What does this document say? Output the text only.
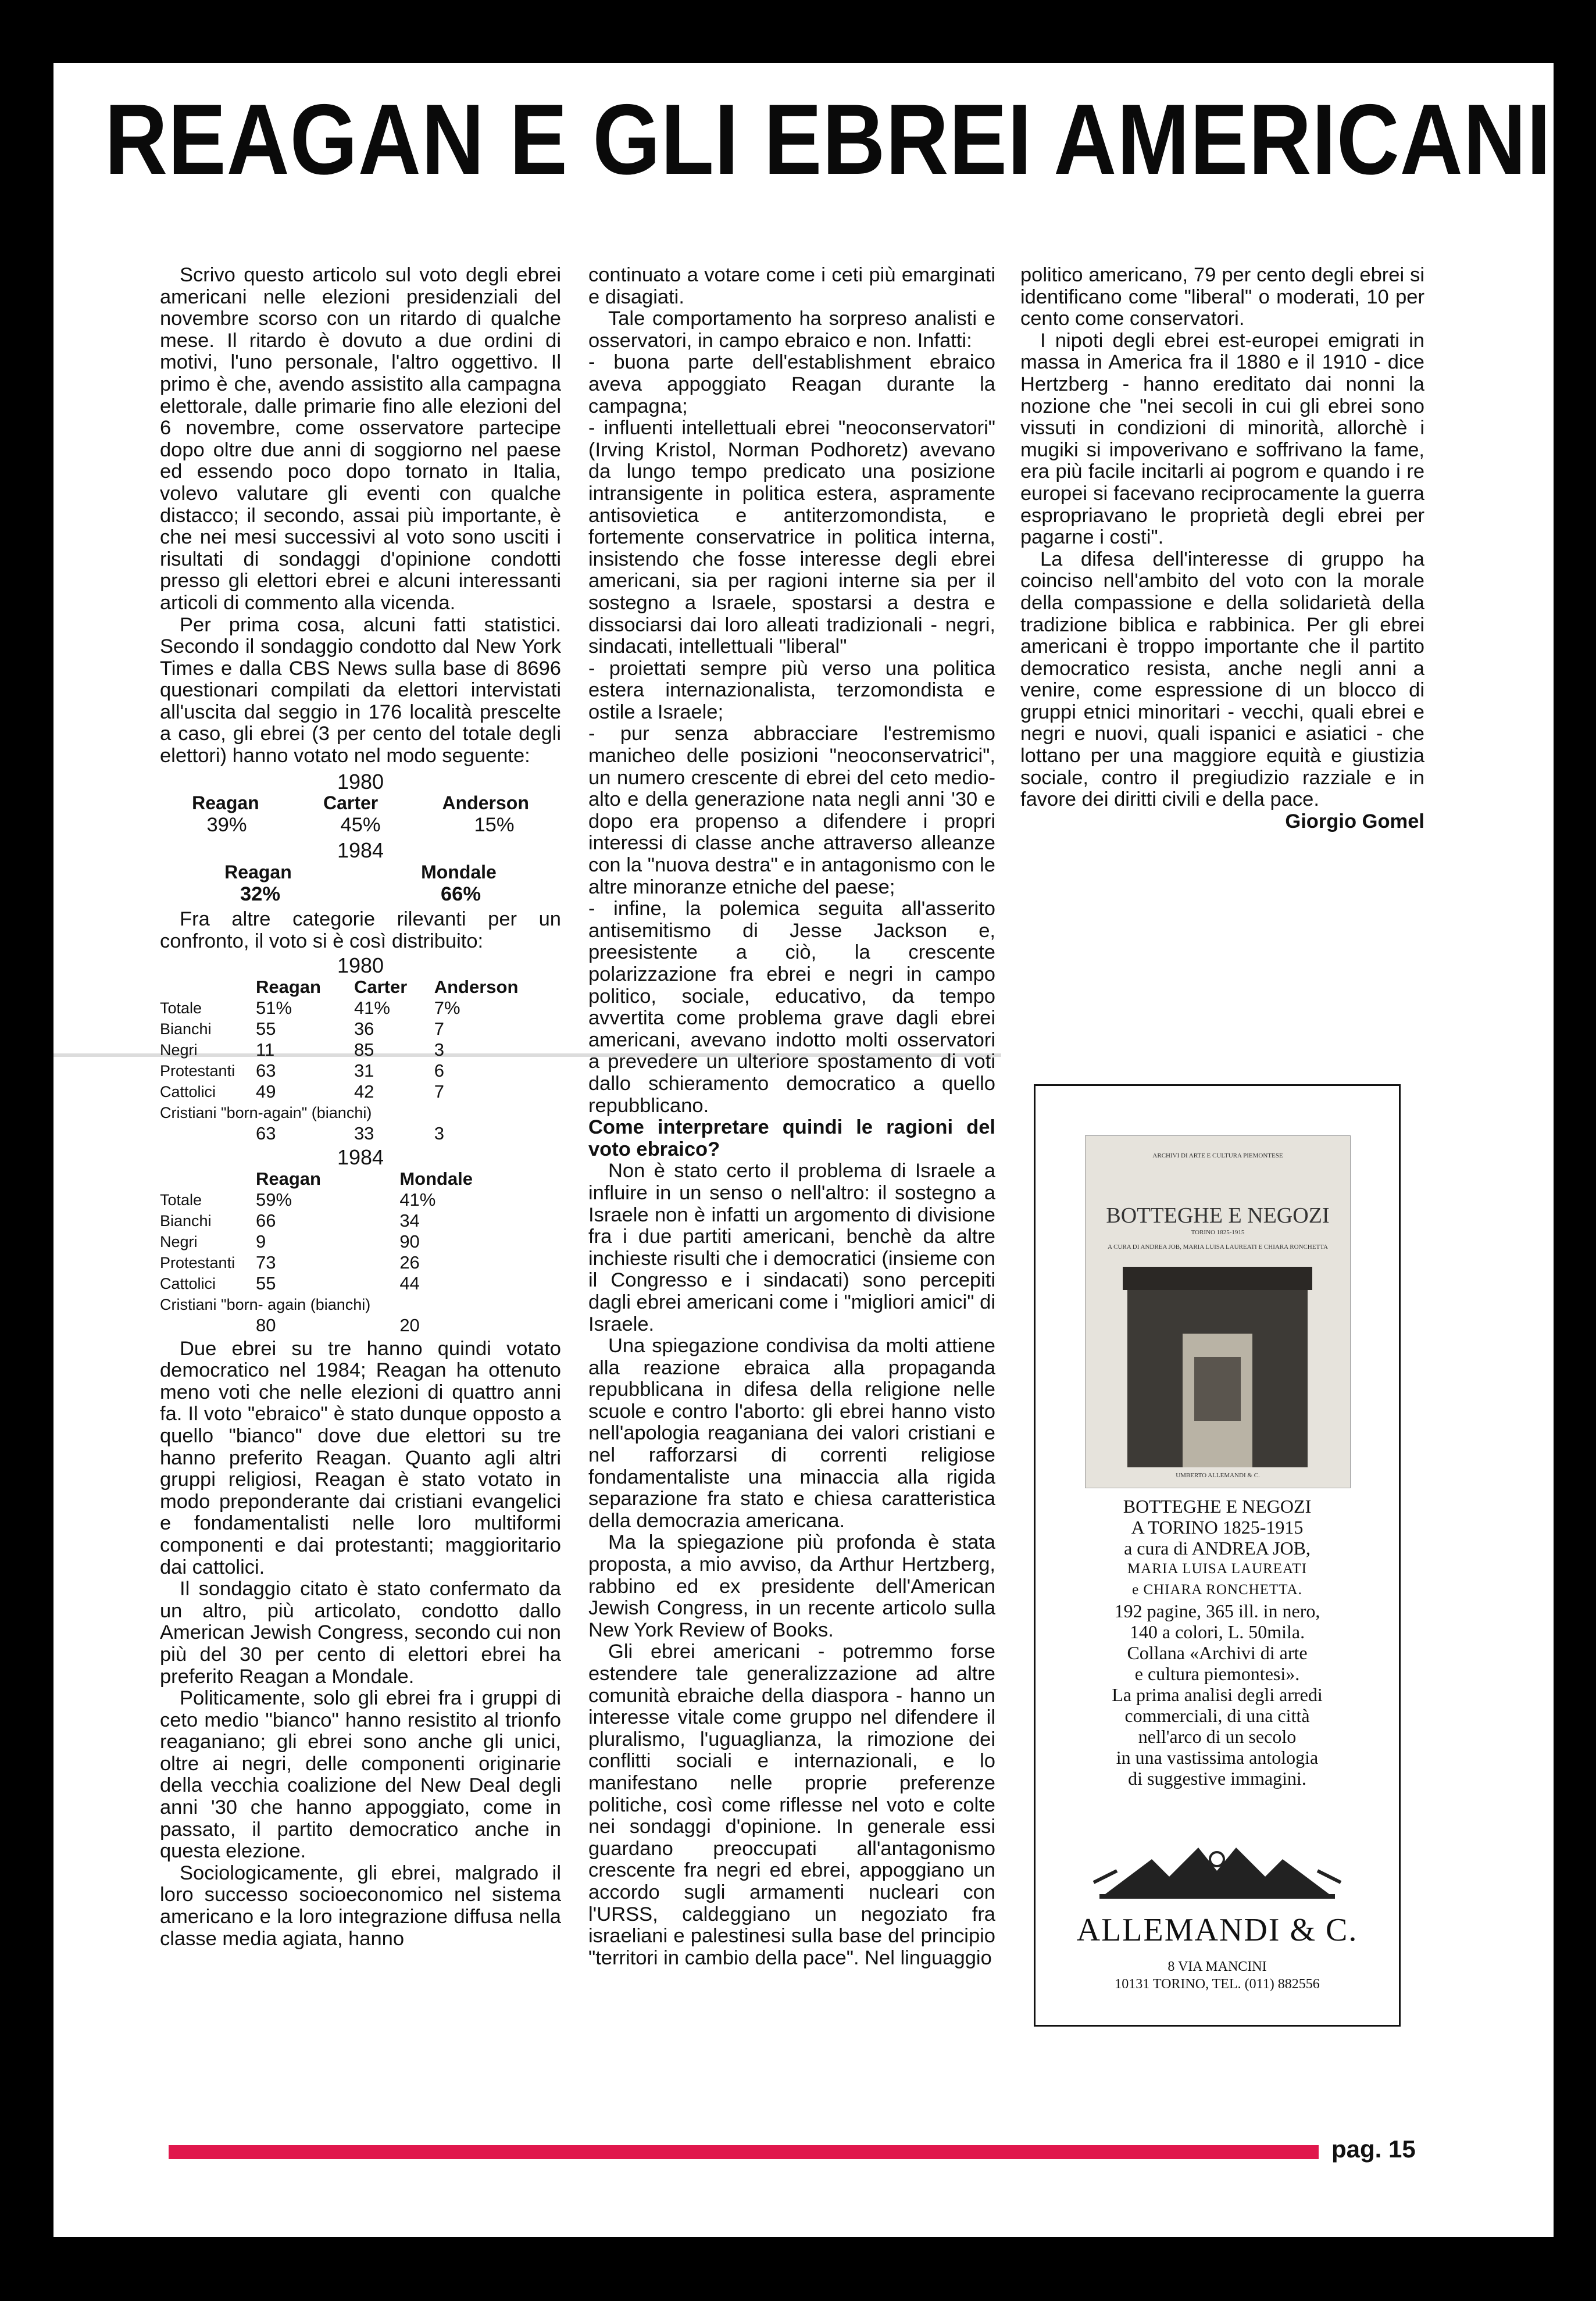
REAGAN E GLI EBREI AMERICANI

Scrivo questo articolo sul voto degli ebrei americani nelle elezioni presidenziali del novembre scorso con un ritardo di qualche mese. Il ritardo è dovuto a due ordini di motivi, l'uno personale, l'altro oggettivo. Il primo è che, avendo assistito alla campagna elettorale, dalle primarie fino alle elezioni del 6 novembre, come osservatore partecipe dopo oltre due anni di soggiorno nel paese ed essendo poco dopo tornato in Italia, volevo valutare gli eventi con qualche distacco; il secondo, assai più importante, è che nei mesi successivi al voto sono usciti i risultati di sondaggi d'opinione condotti presso gli elettori ebrei e alcuni interessanti articoli di commento alla vicenda.

Per prima cosa, alcuni fatti statistici. Secondo il sondaggio condotto dal New York Times e dalla CBS News sulla base di 8696 questionari compilati da elettori intervistati all'uscita dal seggio in 176 località prescelte a caso, gli ebrei (3 per cento del totale degli elettori) hanno votato nel modo seguente:

1980
Reagan	Carter	Anderson
39%	45%	15%
1984
Reagan	Mondale
32%	66%

Fra altre categorie rilevanti per un confronto, il voto si è così distribuito:

1980
	Reagan	Carter	Anderson
Totale	51%	41%	7%
Bianchi	55	36	7
Negri	11	85	3
Protestanti	63	31	6
Cattolici	49	42	7
Cristiani "born-again" (bianchi)			
	63	33	3
1984
	Reagan	Mondale	
Totale	59%	41%	
Bianchi	66	34	
Negri	9	90	
Protestanti	73	26	
Cattolici	55	44	
Cristiani "born- again (bianchi)			
	80	20	

Due ebrei su tre hanno quindi votato democratico nel 1984; Reagan ha ottenuto meno voti che nelle elezioni di quattro anni fa. Il voto "ebraico" è stato dunque opposto a quello "bianco" dove due elettori su tre hanno preferito Reagan. Quanto agli altri gruppi religiosi, Reagan è stato votato in modo preponderante dai cristiani evangelici e fondamentalisti nelle loro multiformi componenti e dai protestanti; maggioritario dai cattolici.

Il sondaggio citato è stato confermato da un altro, più articolato, condotto dallo American Jewish Congress, secondo cui non più del 30 per cento di elettori ebrei ha preferito Reagan a Mondale.

Politicamente, solo gli ebrei fra i gruppi di ceto medio "bianco" hanno resistito al trionfo reaganiano; gli ebrei sono anche gli unici, oltre ai negri, delle componenti originarie della vecchia coalizione del New Deal degli anni '30 che hanno appoggiato, come in passato, il partito democratico anche in questa elezione.

Sociologicamente, gli ebrei, malgrado il loro successo socioeconomico nel sistema americano e la loro integrazione diffusa nella classe media agiata, hanno

continuato a votare come i ceti più emarginati e disagiati.

Tale comportamento ha sorpreso analisti e osservatori, in campo ebraico e non. Infatti:

- buona parte dell'establishment ebraico aveva appoggiato Reagan durante la campagna;

- influenti intellettuali ebrei "neoconservatori" (Irving Kristol, Norman Podhoretz) avevano da lungo tempo predicato una posizione intransigente in politica estera, aspramente antisovietica e antiterzomondista, e fortemente conservatrice in politica interna, insistendo che fosse interesse degli ebrei americani, sia per ragioni interne sia per il sostegno a Israele, spostarsi a destra e dissociarsi dai loro alleati tradizionali - negri, sindacati, intellettuali "liberal"

- proiettati sempre più verso una politica estera internazionalista, terzomondista e ostile a Israele;

- pur senza abbracciare l'estremismo manicheo delle posizioni "neoconservatrici", un numero crescente di ebrei del ceto medio-alto e della generazione nata negli anni '30 e dopo era propenso a difendere i propri interessi di classe anche attraverso alleanze con la "nuova destra" e in antagonismo con le altre minoranze etniche del paese;

- infine, la polemica seguita all'asserito antisemitismo di Jesse Jackson e, preesistente a ciò, la crescente polarizzazione fra ebrei e negri in campo politico, sociale, educativo, da tempo avvertita come problema grave dagli ebrei americani, avevano indotto molti osservatori a prevedere un ulteriore spostamento di voti dallo schieramento democratico a quello repubblicano.

Come interpretare quindi le ragioni del voto ebraico?

Non è stato certo il problema di Israele a influire in un senso o nell'altro: il sostegno a Israele non è infatti un argomento di divisione fra i due partiti americani, benchè da altre inchieste risulti che i democratici (insieme con il Congresso e i sindacati) sono percepiti dagli ebrei americani come i "migliori amici" di Israele.

Una spiegazione condivisa da molti attiene alla reazione ebraica alla propaganda repubblicana in difesa della religione nelle scuole e contro l'aborto: gli ebrei hanno visto nell'apologia reaganiana dei valori cristiani e nel rafforzarsi di correnti religiose fondamentaliste una minaccia alla rigida separazione fra stato e chiesa caratteristica della democrazia americana.

Ma la spiegazione più profonda è stata proposta, a mio avviso, da Arthur Hertzberg, rabbino ed ex presidente dell'American Jewish Congress, in un recente articolo sulla New York Review of Books.

Gli ebrei americani - potremmo forse estendere tale generalizzazione ad altre comunità ebraiche della diaspora - hanno un interesse vitale come gruppo nel difendere il pluralismo, l'uguaglianza, la rimozione dei conflitti sociali e internazionali, e lo manifestano nelle proprie preferenze politiche, così come riflesse nel voto e colte nei sondaggi d'opinione. In generale essi guardano preoccupati all'antagonismo crescente fra negri ed ebrei, appoggiano un accordo sugli armamenti nucleari con l'URSS, caldeggiano un negoziato fra israeliani e palestinesi sulla base del principio "territori in cambio della pace". Nel linguaggio

politico americano, 79 per cento degli ebrei si identificano come "liberal" o moderati, 10 per cento come conservatori.

I nipoti degli ebrei est-europei emigrati in massa in America fra il 1880 e il 1910 - dice Hertzberg - hanno ereditato dai nonni la nozione che "nei secoli in cui gli ebrei sono vissuti in condizioni di minorità, allorchè i mugiki si impoverivano e soffrivano la fame, era più facile incitarli ai pogrom e quando i re europei si facevano reciprocamente la guerra espropriavano le proprietà degli ebrei per pagarne i costi".

La difesa dell'interesse di gruppo ha coinciso nell'ambito del voto con la morale della compassione e della solidarietà della tradizione biblica e rabbinica. Per gli ebrei americani è troppo importante che il partito democratico resista, anche negli anni a venire, come espressione di un blocco di gruppi etnici minoritari - vecchi, quali ebrei e negri e nuovi, quali ispanici e asiatici - che lottano per una maggiore equità e giustizia sociale, contro il pregiudizio razziale e in favore dei diritti civili e della pace.

Giorgio Gomel

ARCHIVI DI ARTE E CULTURA PIEMONTESE
BOTTEGHE E NEGOZI
TORINO 1825-1915
A CURA DI ANDREA JOB, MARIA LUISA LAUREATI E CHIARA RONCHETTA
UMBERTO ALLEMANDI & C.
BOTTEGHE E NEGOZI
A TORINO 1825-1915
a cura di ANDREA JOB,
MARIA LUISA LAUREATI
e CHIARA RONCHETTA.
192 pagine, 365 ill. in nero,
140 a colori, L. 50mila.
Collana «Archivi di arte
e cultura piemontesi».
La prima analisi degli arredi
commerciali, di una città
nell'arco di un secolo
in una vastissima antologia
di suggestive immagini.
ALLEMANDI & C.
8 VIA MANCINI
10131 TORINO, TEL. (011) 882556
pag. 15
